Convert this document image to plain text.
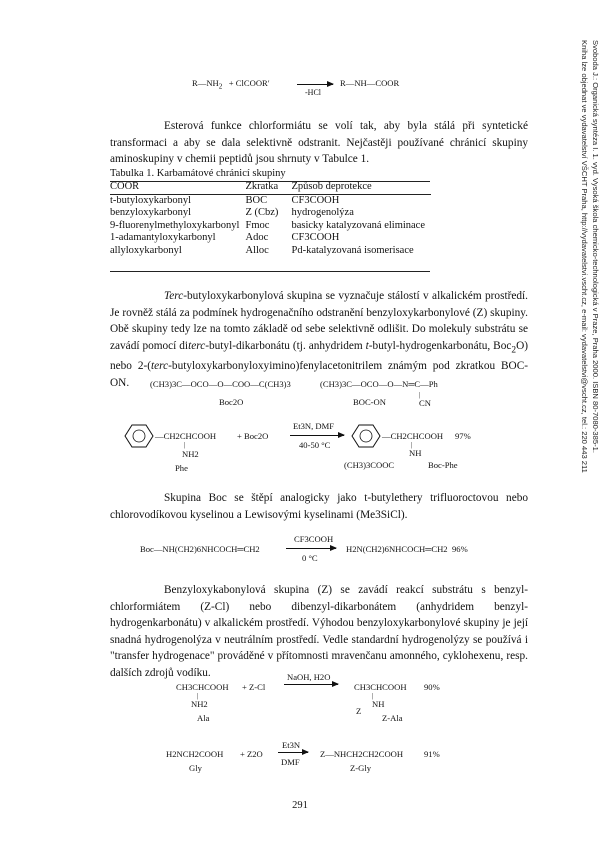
Svoboda J.: Organická syntéza I. 1. vyd. Vysoká škola chemicko-technologická v Praze, Praha 2000. ISBN 80-7080-385-1.
Kniha lze objednat ve vydavatelství VŠCHT Praha, http://vydavatelstvi.vscht.cz, e-mail: vydavatelstvi@vscht.cz, tel.: 220 443 211
$R—NH_2$ + ClCOOR′
-HCl
R—NH—COOR
Esterová funkce chlorformiátu se volí tak, aby byla stálá při syntetické transformaci a aby se dala selektivně odstranit. Nejčastěji používané chránicí skupiny aminoskupiny v chemii peptidů jsou shrnuty v Tabulce 1.
Tabulka 1. Karbamátové chránicí skupiny
COOR	Zkratka	Způsob deprotekce
t-butyloxykarbonyl	BOC	CF3COOH
benzyloxykarbonyl	Z (Cbz)	hydrogenolýza
9-fluorenylmethyloxykarbonyl	Fmoc	basicky katalyzovaná eliminace
1-adamantyloxykarbonyl	Adoc	CF3COOH
allyloxykarbonyl	Alloc	Pd-katalyzovaná isomerisace
Terc-butyloxykarbonylová skupina se vyznačuje stálostí v alkalickém prostředí. Je rovněž stálá za podmínek hydrogenačního odstranění benzyloxykarbonylové (Z) skupiny. Obě skupiny tedy lze na tomto základě od sebe selektivně odlišit. Do molekuly substrátu se zavádí pomocí diterc-butyl-dikarbonátu (tj. anhydridem t-butyl-hydrogenkarbonátu, Boc$_2$O) nebo 2-(terc-butyloxykarbonyloxyimino)fenylacetonitrilem známým pod zkratkou BOC-ON.	(CH3)3C—OCO—O—COO—C(CH3)3
Boc2O
(CH3)3C—OCO—O—N═C—Ph
|
CN
BOC-ON
—CH2CHCOOH
|
NH2
Phe
+ Boc2O
Et3N, DMF
40-50 °C
—CH2CHCOOH 97%
|
NH
(CH3)3COOC	Boc-Phe
Skupina Boc se štěpí analogicky jako t-butylethery trifluoroctovou nebo chlorovodíkovou kyselinou a Lewisovými kyselinami (Me3SiCl).
Boc—NH(CH2)6NHCOCH═CH2
CF3COOH
0 °C
H2N(CH2)6NHCOCH═CH2 96%
Benzyloxykabonylová skupina (Z) se zavádí reakcí substrátu s benzyl-chlorformiátem (Z-Cl) nebo dibenzyl-dikarbonátem (anhydridem benzyl-hydrogenkarbonátu) v alkalickém prostředí. Výhodou benzyloxykarbonylové skupiny je její snadná hydrogenolýza v neutrálním prostředí. Vedle standardní hydrogenolýzy se používá i "transfer hydrogenace" prováděné v přítomnosti mravenčanu amonného, cyklohexenu, resp. dalších zdrojů vodíku.
CH3CHCOOH
|
NH2
Ala
+ Z-Cl
NaOH, H2O
CH3CHCOOH 90%
|
NH
Z
Z-Ala
H2NCH2COOH
Gly
+ Z2O
Et3N
DMF
Z—NHCH2CH2COOH 91%
Z-Gly
291
